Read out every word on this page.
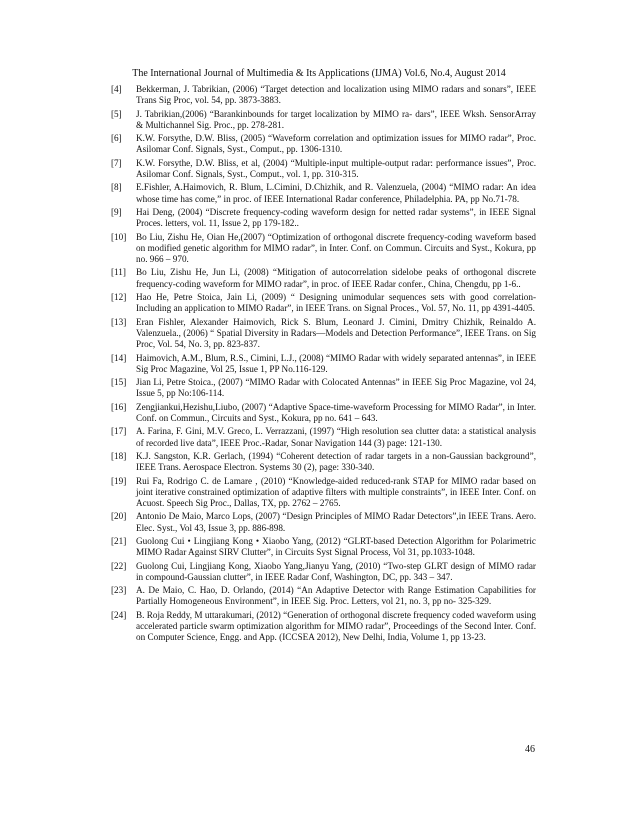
The International Journal of Multimedia & Its Applications (IJMA) Vol.6, No.4, August 2014
[4] Bekkerman, J. Tabrikian, (2006) “Target detection and localization using MIMO radars and sonars”, IEEE Trans Sig Proc, vol. 54, pp. 3873-3883.
[5] J. Tabrikian,(2006) “Barankinbounds for target localization by MIMO ra- dars”, IEEE Wksh. SensorArray & Multichannel Sig. Proc., pp. 278-281.
[6] K.W. Forsythe, D.W. Bliss, (2005) “Waveform correlation and optimization issues for MIMO radar”, Proc. Asilomar Conf. Signals, Syst., Comput., pp. 1306-1310.
[7] K.W. Forsythe, D.W. Bliss, et al, (2004) “Multiple-input multiple-output radar: performance issues”, Proc. Asilomar Conf. Signals, Syst., Comput., vol. 1, pp. 310-315.
[8] E.Fishler, A.Haimovich, R. Blum, L.Cimini, D.Chizhik, and R. Valenzuela, (2004) “MIMO radar: An idea whose time has come,” in proc. of IEEE International Radar conference, Philadelphia. PA, pp No.71-78.
[9] Hai Deng, (2004) “Discrete frequency-coding waveform design for netted radar systems”, in IEEE Signal Proces. letters, vol. 11, Issue 2, pp 179-182..
[10] Bo Liu, Zishu He, Oian He,(2007) “Optimization of orthogonal discrete frequency-coding waveform based on modified genetic algorithm for MIMO radar”, in Inter. Conf. on Commun. Circuits and Syst., Kokura, pp no. 966 – 970.
[11] Bo Liu, Zishu He, Jun Li, (2008) “Mitigation of autocorrelation sidelobe peaks of orthogonal discrete frequency-coding waveform for MIMO radar”, in proc. of IEEE Radar confer., China, Chengdu, pp 1-6..
[12] Hao He, Petre Stoica, Jain Li, (2009) “ Designing unimodular sequences sets with good correlation-Including an application to MIMO Radar”, in IEEE Trans. on Signal Proces., Vol. 57, No. 11, pp 4391-4405.
[13] Eran Fishler, Alexander Haimovich, Rick S. Blum, Leonard J. Cimini, Dmitry Chizhik, Reinaldo A. Valenzuela., (2006) “ Spatial Diversity in Radars—Models and Detection Performance”, IEEE Trans. on Sig Proc, Vol. 54, No. 3, pp. 823-837.
[14] Haimovich, A.M., Blum, R.S., Cimini, L.J., (2008) “MIMO Radar with widely separated antennas”, in IEEE Sig Proc Magazine, Vol 25, Issue 1, PP No.116-129.
[15] Jian Li, Petre Stoica., (2007) “MIMO Radar with Colocated Antennas” in IEEE Sig Proc Magazine, vol 24, Issue 5, pp No:106-114.
[16] Zengjiankui,Hezishu,Liubo, (2007) “Adaptive Space-time-waveform Processing for MIMO Radar”, in Inter. Conf. on Commun., Circuits and Syst., Kokura, pp no. 641 – 643.
[17] A. Farina, F. Gini, M.V. Greco, L. Verrazzani, (1997) “High resolution sea clutter data: a statistical analysis of recorded live data”, IEEE Proc.-Radar, Sonar Navigation 144 (3) page: 121-130.
[18] K.J. Sangston, K.R. Gerlach, (1994) “Coherent detection of radar targets in a non-Gaussian background”, IEEE Trans. Aerospace Electron. Systems 30 (2), page: 330-340.
[19] Rui Fa, Rodrigo C. de Lamare , (2010) “Knowledge-aided reduced-rank STAP for MIMO radar based on joint iterative constrained optimization of adaptive filters with multiple constraints”, in IEEE Inter. Conf. on Acuost. Speech Sig Proc., Dallas, TX, pp. 2762 – 2765.
[20] Antonio De Maio, Marco Lops, (2007) “Design Principles of MIMO Radar Detectors”,in IEEE Trans. Aero. Elec. Syst., Vol 43, Issue 3, pp. 886-898.
[21] Guolong Cui • Lingjiang Kong • Xiaobo Yang, (2012) “GLRT-based Detection Algorithm for Polarimetric MIMO Radar Against SIRV Clutter”, in Circuits Syst Signal Process, Vol 31, pp.1033-1048.
[22] Guolong Cui, Lingjiang Kong, Xiaobo Yang,Jianyu Yang, (2010) “Two-step GLRT design of MIMO radar in compound-Gaussian clutter”, in IEEE Radar Conf, Washington, DC, pp. 343 – 347.
[23] A. De Maio, C. Hao, D. Orlando, (2014) “An Adaptive Detector with Range Estimation Capabilities for Partially Homogeneous Environment”, in IEEE Sig. Proc. Letters, vol 21, no. 3, pp no- 325-329.
[24] B. Roja Reddy, M uttarakumari, (2012) “Generation of orthogonal discrete frequency coded waveform using accelerated particle swarm optimization algorithm for MIMO radar”, Proceedings of the Second Inter. Conf. on Computer Science, Engg. and App. (ICCSEA 2012), New Delhi, India, Volume 1, pp 13-23.
46
